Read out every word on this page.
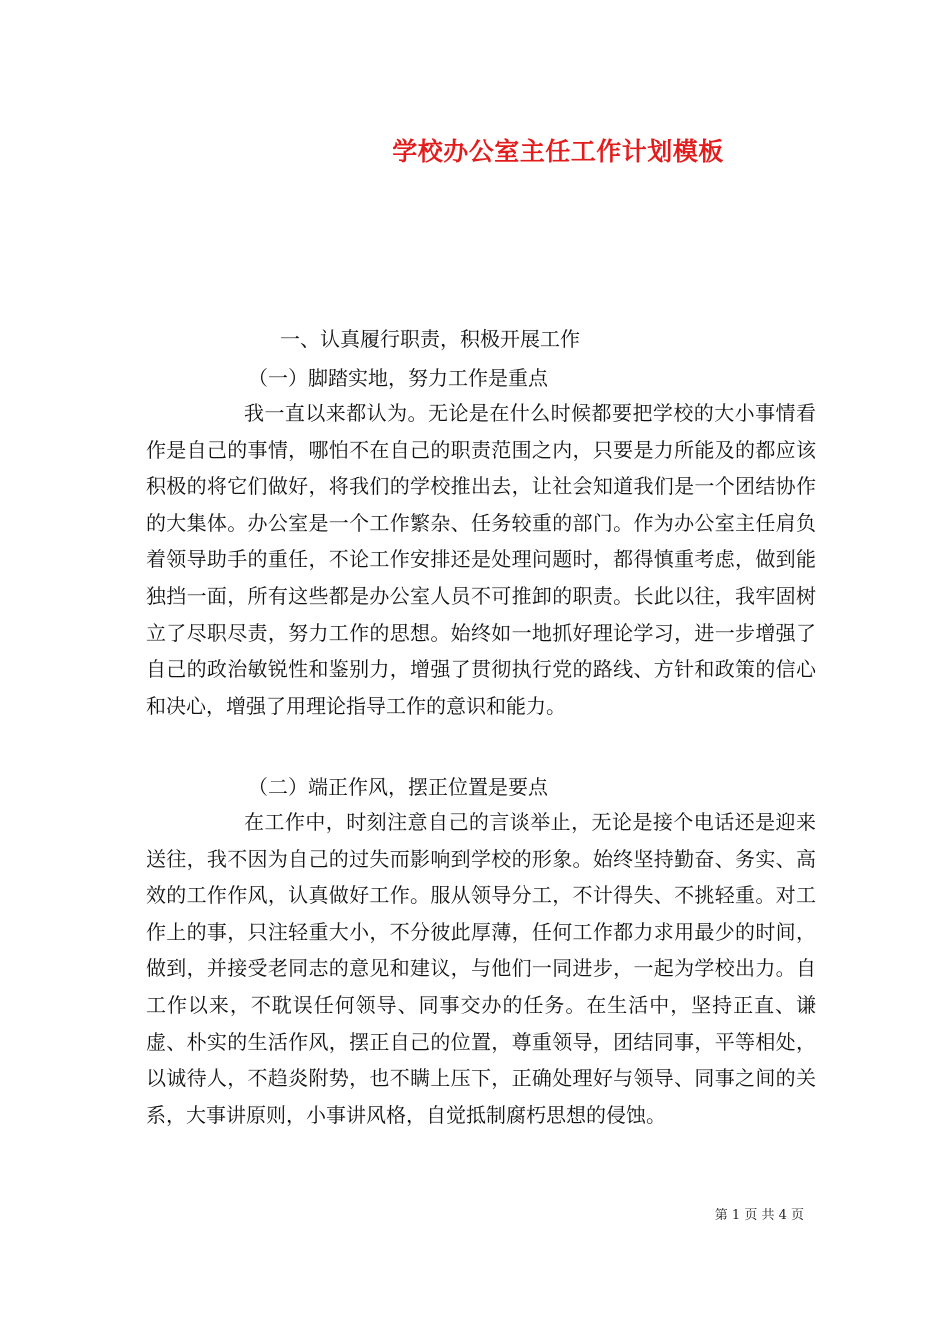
学校办公室主任工作计划模板
一、认真履行职责，积极开展工作
（一）脚踏实地，努力工作是重点
我一直以来都认为。无论是在什么时候都要把学校的大小事情看作是自己的事情，哪怕不在自己的职责范围之内，只要是力所能及的都应该积极的将它们做好，将我们的学校推出去，让社会知道我们是一个团结协作的大集体。办公室是一个工作繁杂、任务较重的部门。作为办公室主任肩负着领导助手的重任，不论工作安排还是处理问题时，都得慎重考虑，做到能独挡一面，所有这些都是办公室人员不可推卸的职责。长此以往，我牢固树立了尽职尽责，努力工作的思想。始终如一地抓好理论学习，进一步增强了自己的政治敏锐性和鉴别力，增强了贯彻执行党的路线、方针和政策的信心和决心，增强了用理论指导工作的意识和能力。
（二）端正作风，摆正位置是要点
在工作中，时刻注意自己的言谈举止，无论是接个电话还是迎来送往，我不因为自己的过失而影响到学校的形象。始终坚持勤奋、务实、高效的工作作风，认真做好工作。服从领导分工，不计得失、不挑轻重。对工作上的事，只注轻重大小，不分彼此厚薄，任何工作都力求用最少的时间，做到，并接受老同志的意见和建议，与他们一同进步，一起为学校出力。自工作以来，不耽误任何领导、同事交办的任务。在生活中，坚持正直、谦虚、朴实的生活作风，摆正自己的位置，尊重领导，团结同事，平等相处，以诚待人，不趋炎附势，也不瞒上压下，正确处理好与领导、同事之间的关系，大事讲原则，小事讲风格，自觉抵制腐朽思想的侵蚀。
第 1 页 共 4 页
